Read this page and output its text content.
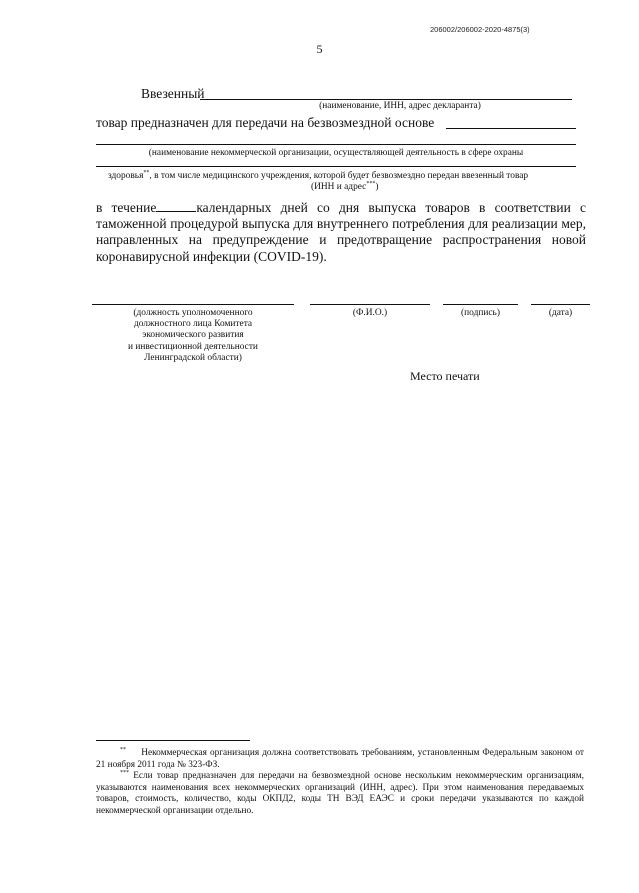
206002/206002-2020-4875(3)
5
Ввезенный
(наименование, ИНН, адрес декларанта)
товар предназначен для передачи на безвозмездной основе
(наименование некоммерческой организации, осуществляющей деятельность в сфере охраны
здоровья**, в том числе медицинского учреждения, которой будет безвозмездно передан ввезенный товар
(ИНН и адрес***)
в течение	календарных дней со дня выпуска товаров в соответствии с таможенной процедурой выпуска для внутреннего потребления для реализации мер, направленных на предупреждение и предотвращение распространения новой коронавирусной инфекции (COVID-19).
(должность уполномоченного
должностного лица Комитета
экономического развития
и инвестиционной деятельности
Ленинградской области)
(Ф.И.О.)	(подпись)	(дата)
Место печати
** Некоммерческая организация должна соответствовать требованиям, установленным Федеральным законом от 21 ноября 2011 года № 323-ФЗ.
*** Если товар предназначен для передачи на безвозмездной основе нескольким некоммерческим организациям, указываются наименования всех некоммерческих организаций (ИНН, адрес). При этом наименования передаваемых товаров, стоимость, количество, коды ОКПД2, коды ТН ВЭД ЕАЭС и сроки передачи указываются по каждой некоммерческой организации отдельно.
